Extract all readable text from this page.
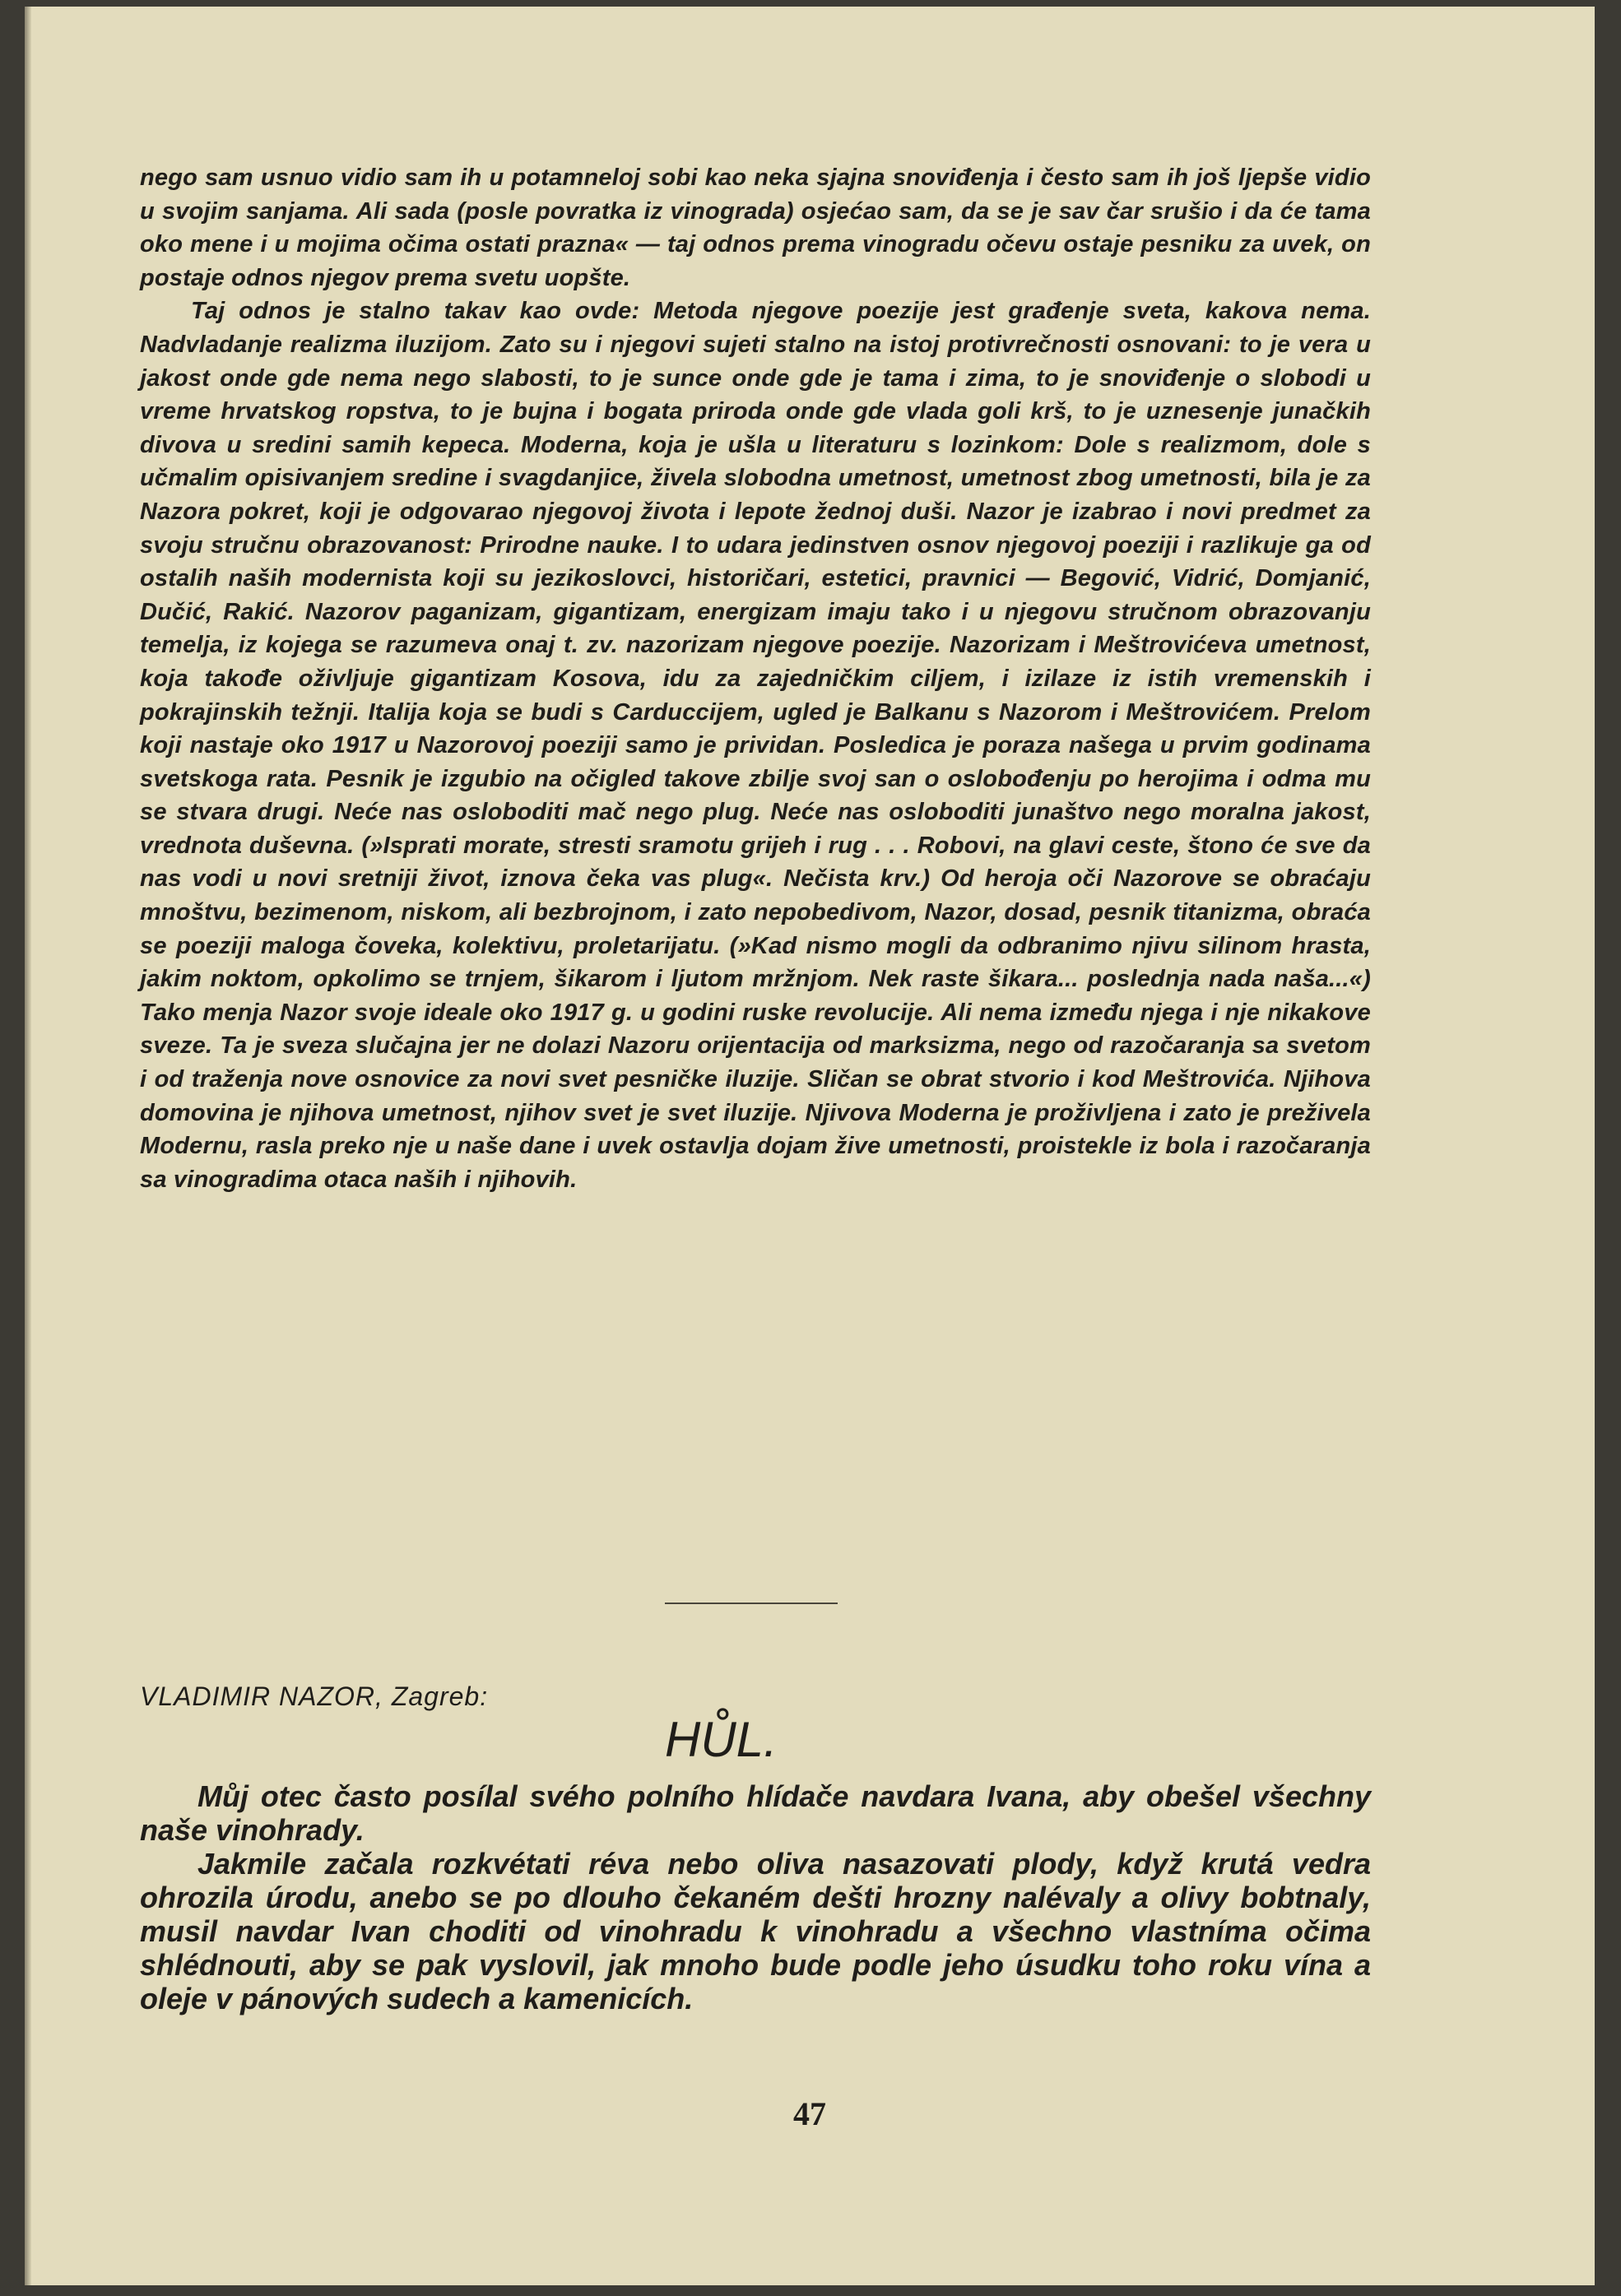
nego sam usnuo vidio sam ih u potamneloj sobi kao neka sjajna snoviđenja i često sam ih još ljepše vidio u svojim sanjama. Ali sada (posle povratka iz vinograda) osjećao sam, da se je sav čar srušio i da će tama oko mene i u mojima očima ostati prazna« — taj odnos prema vinogradu očevu ostaje pesniku za uvek, on postaje odnos njegov prema svetu uopšte.

Taj odnos je stalno takav kao ovde: Metoda njegove poezije jest građenje sveta, kakova nema. Nadvladanje realizma iluzijom. Zato su i njegovi sujeti stalno na istoj protivrečnosti osnovani: to je vera u jakost onde gde nema nego slabosti, to je sunce onde gde je tama i zima, to je snoviđenje o slobodi u vreme hrvatskog ropstva, to je bujna i bogata priroda onde gde vlada goli krš, to je uznesenje junačkih divova u sredini samih kepeca. Moderna, koja je ušla u literaturu s lozinkom: Dole s realizmom, dole s učmalim opisivanjem sredine i svagdanjice, živela slobodna umetnost, umetnost zbog umetnosti, bila je za Nazora pokret, koji je odgovarao njegovoj životа i lepote žednoj duši. Nazor je izabrao i novi predmet za svoju stručnu obrazovanost: Prirodne nauke. I to udara jedinstven osnov njegovoj poeziji i razlikuje ga od ostalih naših modernista koji su jezikoslovci, historičari, estetici, pravnici — Begović, Vidrić, Domjanić, Dučić, Rakić. Nazorov paganizam, gigantizam, energizam imaju tako i u njegovu stručnom obrazovanju temelja, iz kojega se razumeva onaj t. zv. nazorizam njegove poezije. Nazorizam i Meštrovićeva umetnost, koja takođe oživljuje gigantizam Kosova, idu za zajedničkim ciljem, i izilaze iz istih vremenskih i pokrajinskih težnji. Italija koja se budi s Carduccijem, ugled je Balkanu s Nazorom i Meštrovićem. Prelom koji nastaje oko 1917 u Nazorovoj poeziji samo je prividan. Posledica je poraza našega u prvim godinama svetskoga rata. Pesnik je izgubio na očigled takove zbilje svoj san o oslobođenju po herojima i odma mu se stvara drugi. Neće nas osloboditi mač nego plug. Neće nas osloboditi junaštvo nego moralna jakost, vrednota duševna. (»Isprati morate, stresti sramotu grijeh i rug . . . Robovi, na glavi ceste, štono će sve da nas vodi u novi sretniji život, iznova čeka vas plug«. Nečista krv.) Od heroja oči Nazorove se obraćaju mnoštvu, bezimenom, niskom, ali bezbrojnom, i zato nepobedivom, Nazor, dosad, pesnik titanizma, obraća se poeziji maloga čoveka, kolektivu, proletarijatu. (»Kad nismo mogli da odbranimo njivu silinom hrasta, jakim noktom, opkolimo se trnjem, šikarom i ljutom mržnjom. Nek raste šikara... poslednja nada naša...«) Tako menja Nazor svoje ideale oko 1917 g. u godini ruske revolucije. Ali nema između njega i nje nikakove sveze. Ta je sveza slučajna jer ne dolazi Nazoru orijentacija od marksizma, nego od razočaranja sa svetom i od traženja nove osnovice za novi svet pesničke iluzije. Sličan se obrat stvorio i kod Meštrovića. Njihova domovina je njihova umetnost, njihov svet je svet iluzije. Njivova Moderna je proživljena i zato je preživela Modernu, rasla preko nje u naše dane i uvek ostavlja dojam žive umetnosti, proistekle iz bola i razočaranja sa vinogradima otaca naših i njihovih.

VLADIMIR NAZOR, Zagreb:
HŮL.

Můj otec často posílal svého polního hlídače navdara Ivana, aby obešel všechny naše vinohrady.

Jakmile začala rozkvétati réva nebo oliva nasazovati plody, když krutá vedra ohrozila úrodu, anebo se po dlouho čekaném dešti hrozny nalévaly a olivy bobtnaly, musil navdar Ivan choditi od vinohradu k vinohradu a všechno vlastníma očima shlédnouti, aby se pak vyslovil, jak mnoho bude podle jeho úsudku toho roku vína a oleje v pánových sudech a kamenicích.

47
